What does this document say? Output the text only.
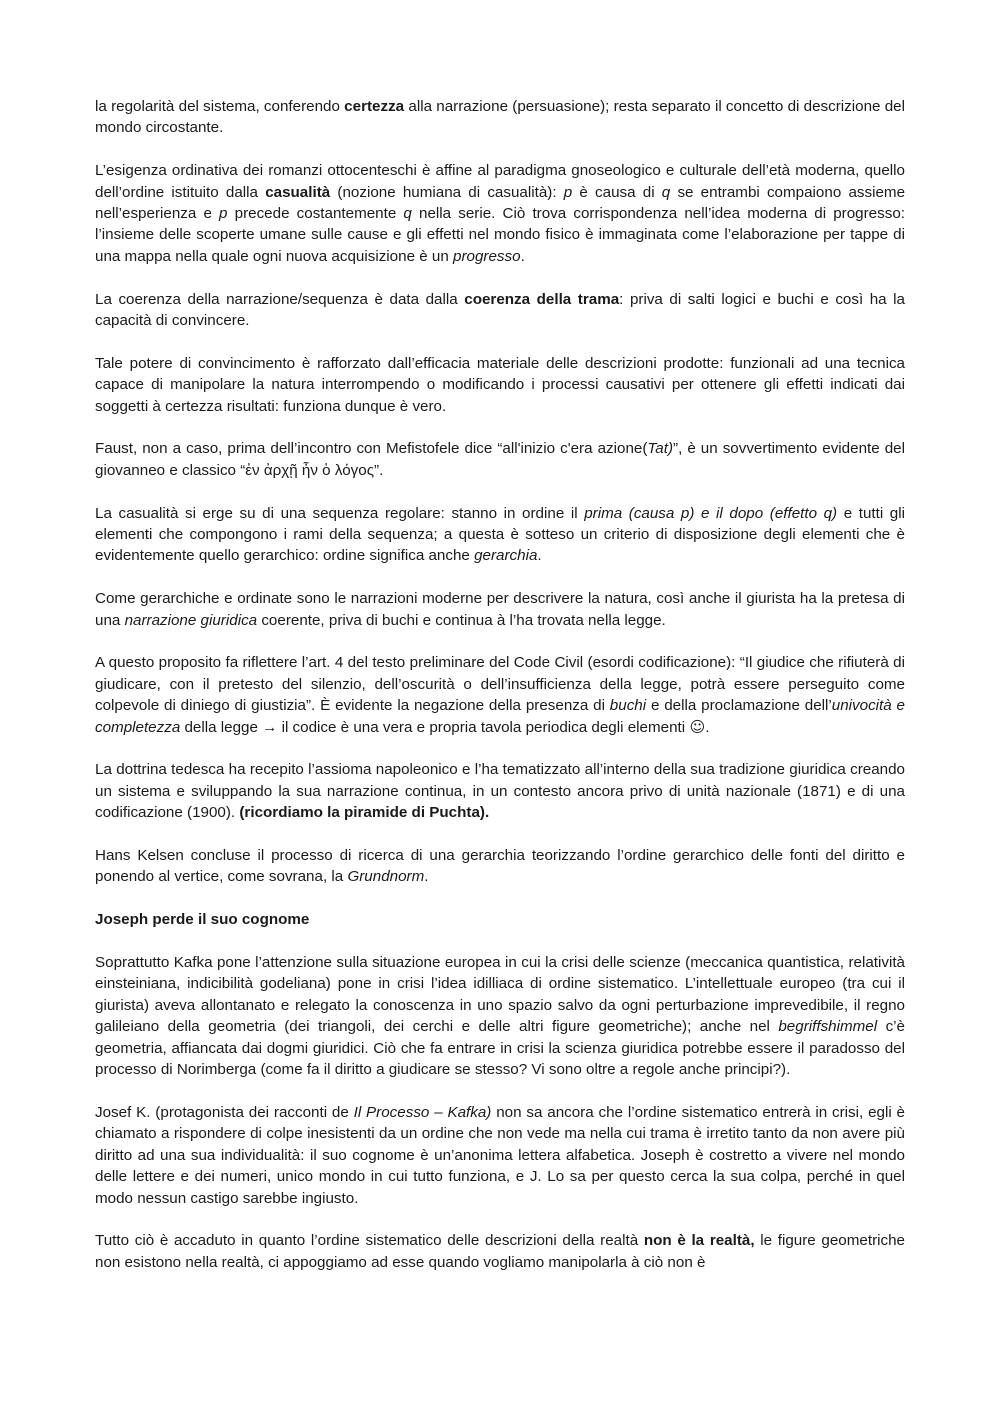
la regolarità del sistema, conferendo certezza alla narrazione (persuasione); resta separato il concetto di descrizione del mondo circostante.

L’esigenza ordinativa dei romanzi ottocenteschi è affine al paradigma gnoseologico e culturale dell’età moderna, quello dell’ordine istituito dalla casualità (nozione humiana di casualità): p è causa di q se entrambi compaiono assieme nell’esperienza e p precede costantemente q nella serie. Ciò trova corrispondenza nell’idea moderna di progresso: l’insieme delle scoperte umane sulle cause e gli effetti nel mondo fisico è immaginata come l’elaborazione per tappe di una mappa nella quale ogni nuova acquisizione è un progresso.

La coerenza della narrazione/sequenza è data dalla coerenza della trama: priva di salti logici e buchi e così ha la capacità di convincere.

Tale potere di convincimento è rafforzato dall’efficacia materiale delle descrizioni prodotte: funzionali ad una tecnica capace di manipolare la natura interrompendo o modificando i processi causativi per ottenere gli effetti indicati dai soggetti à certezza risultati: funziona dunque è vero.

Faust, non a caso, prima dell’incontro con Mefistofele dice “all'inizio c'era azione(Tat)”, è un sovvertimento evidente del giovanneo e classico “ἐν ἀρχῇ ἦν ὁ λόγος”.

La casualità si erge su di una sequenza regolare: stanno in ordine il prima (causa p) e il dopo (effetto q) e tutti gli elementi che compongono i rami della sequenza; a questa è sotteso un criterio di disposizione degli elementi che è evidentemente quello gerarchico: ordine significa anche gerarchia.

Come gerarchiche e ordinate sono le narrazioni moderne per descrivere la natura, così anche il giurista ha la pretesa di una narrazione giuridica coerente, priva di buchi e continua à l’ha trovata nella legge.

A questo proposito fa riflettere l’art. 4 del testo preliminare del Code Civil (esordi codificazione): “Il giudice che rifiuterà di giudicare, con il pretesto del silenzio, dell’oscurità o dell’insufficienza della legge, potrà essere perseguito come colpevole di diniego di giustizia”. È evidente la negazione della presenza di buchi e della proclamazione dell’univocità e completezza della legge → il codice è una vera e propria tavola periodica degli elementi ☺.

La dottrina tedesca ha recepito l’assioma napoleonico e l’ha tematizzato all’interno della sua tradizione giuridica creando un sistema e sviluppando la sua narrazione continua, in un contesto ancora privo di unità nazionale (1871) e di una codificazione (1900). (ricordiamo la piramide di Puchta).

Hans Kelsen concluse il processo di ricerca di una gerarchia teorizzando l’ordine gerarchico delle fonti del diritto e ponendo al vertice, come sovrana, la Grundnorm.

Joseph perde il suo cognome

Soprattutto Kafka pone l’attenzione sulla situazione europea in cui la crisi delle scienze (meccanica quantistica, relatività einsteiniana, indicibilità godeliana) pone in crisi l’idea idilliaca di ordine sistematico. L’intellettuale europeo (tra cui il giurista) aveva allontanato e relegato la conoscenza in uno spazio salvo da ogni perturbazione imprevedibile, il regno galileiano della geometria (dei triangoli, dei cerchi e delle altri figure geometriche); anche nel begriffshimmel c’è geometria, affiancata dai dogmi giuridici. Ciò che fa entrare in crisi la scienza giuridica potrebbe essere il paradosso del processo di Norimberga (come fa il diritto a giudicare se stesso? Vi sono oltre a regole anche principi?).

Josef K. (protagonista dei racconti de Il Processo – Kafka) non sa ancora che l’ordine sistematico entrerà in crisi, egli è chiamato a rispondere di colpe inesistenti da un ordine che non vede ma nella cui trama è irretito tanto da non avere più diritto ad una sua individualità: il suo cognome è un’anonima lettera alfabetica. Joseph è costretto a vivere nel mondo delle lettere e dei numeri, unico mondo in cui tutto funziona, e J. Lo sa per questo cerca la sua colpa, perché in quel modo nessun castigo sarebbe ingiusto.

Tutto ciò è accaduto in quanto l’ordine sistematico delle descrizioni della realtà non è la realtà, le figure geometriche non esistono nella realtà, ci appoggiamo ad esse quando vogliamo manipolarla à ciò non è
